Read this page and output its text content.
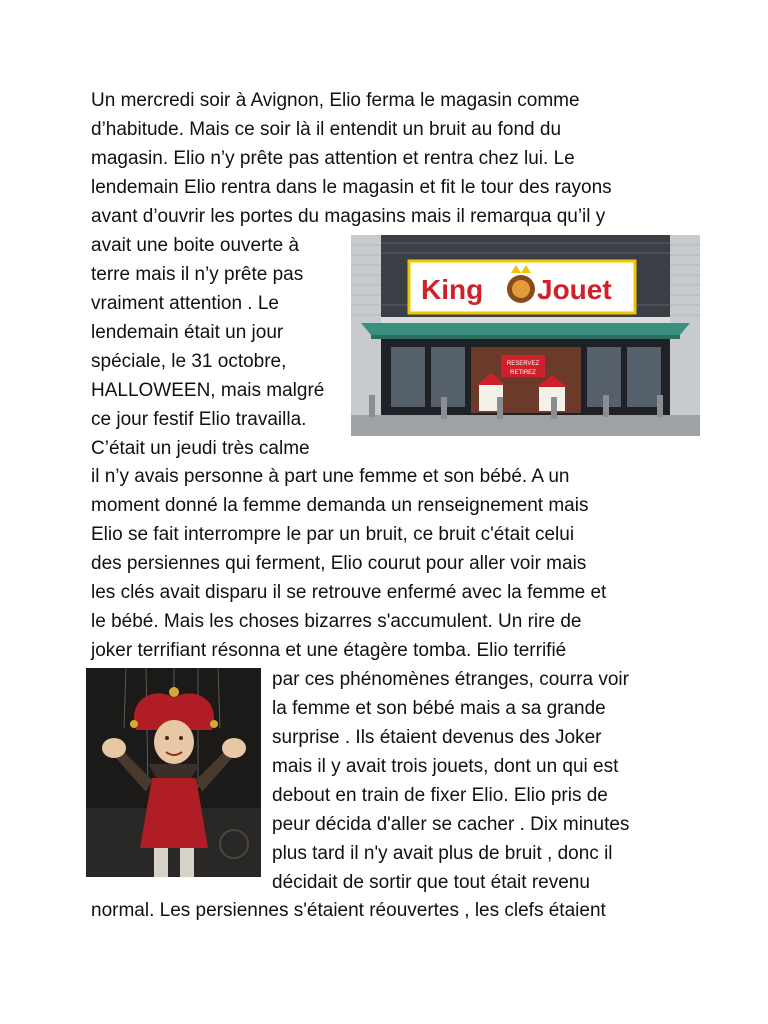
Un mercredi soir à Avignon, Elio ferma le magasin comme
d’habitude. Mais ce soir là il entendit un bruit au fond du
magasin. Elio n’y prête pas attention et rentra chez lui. Le
lendemain Elio rentra dans le magasin et fit le tour des rayons
avant d’ouvrir les portes du magasins mais il remarqua qu’il y
avait une boite ouverte à
terre mais il n’y prête pas
vraiment attention . Le
lendemain était un jour
spéciale, le 31 octobre,
HALLOWEEN, mais malgré
ce jour festif Elio travailla.
C’était un jeudi très calme
il n’y avais personne à part une femme et son bébé. A un
moment donné la femme demanda un renseignement mais
Elio se fait interrompre le par un bruit, ce bruit c'était celui
des persiennes qui ferment, Elio courut pour aller voir mais
les clés avait disparu il se retrouve enfermé avec la femme et
le bébé. Mais les choses bizarres s'accumulent. Un rire de
joker terrifiant résonna et une étagère tomba. Elio terrifié
par ces phénomènes étranges, courra voir
la femme et son bébé mais a sa grande
surprise . Ils étaient devenus des Joker
mais il y avait trois jouets, dont un qui est
debout en train de fixer Elio. Elio pris de
peur décida d'aller se cacher . Dix minutes
plus tard il n'y avait plus de bruit , donc il
décidait de sortir que tout était revenu
normal. Les persiennes s'étaient réouvertes , les clefs étaient
King Jouet
RESERVEZ
RETIREZ
